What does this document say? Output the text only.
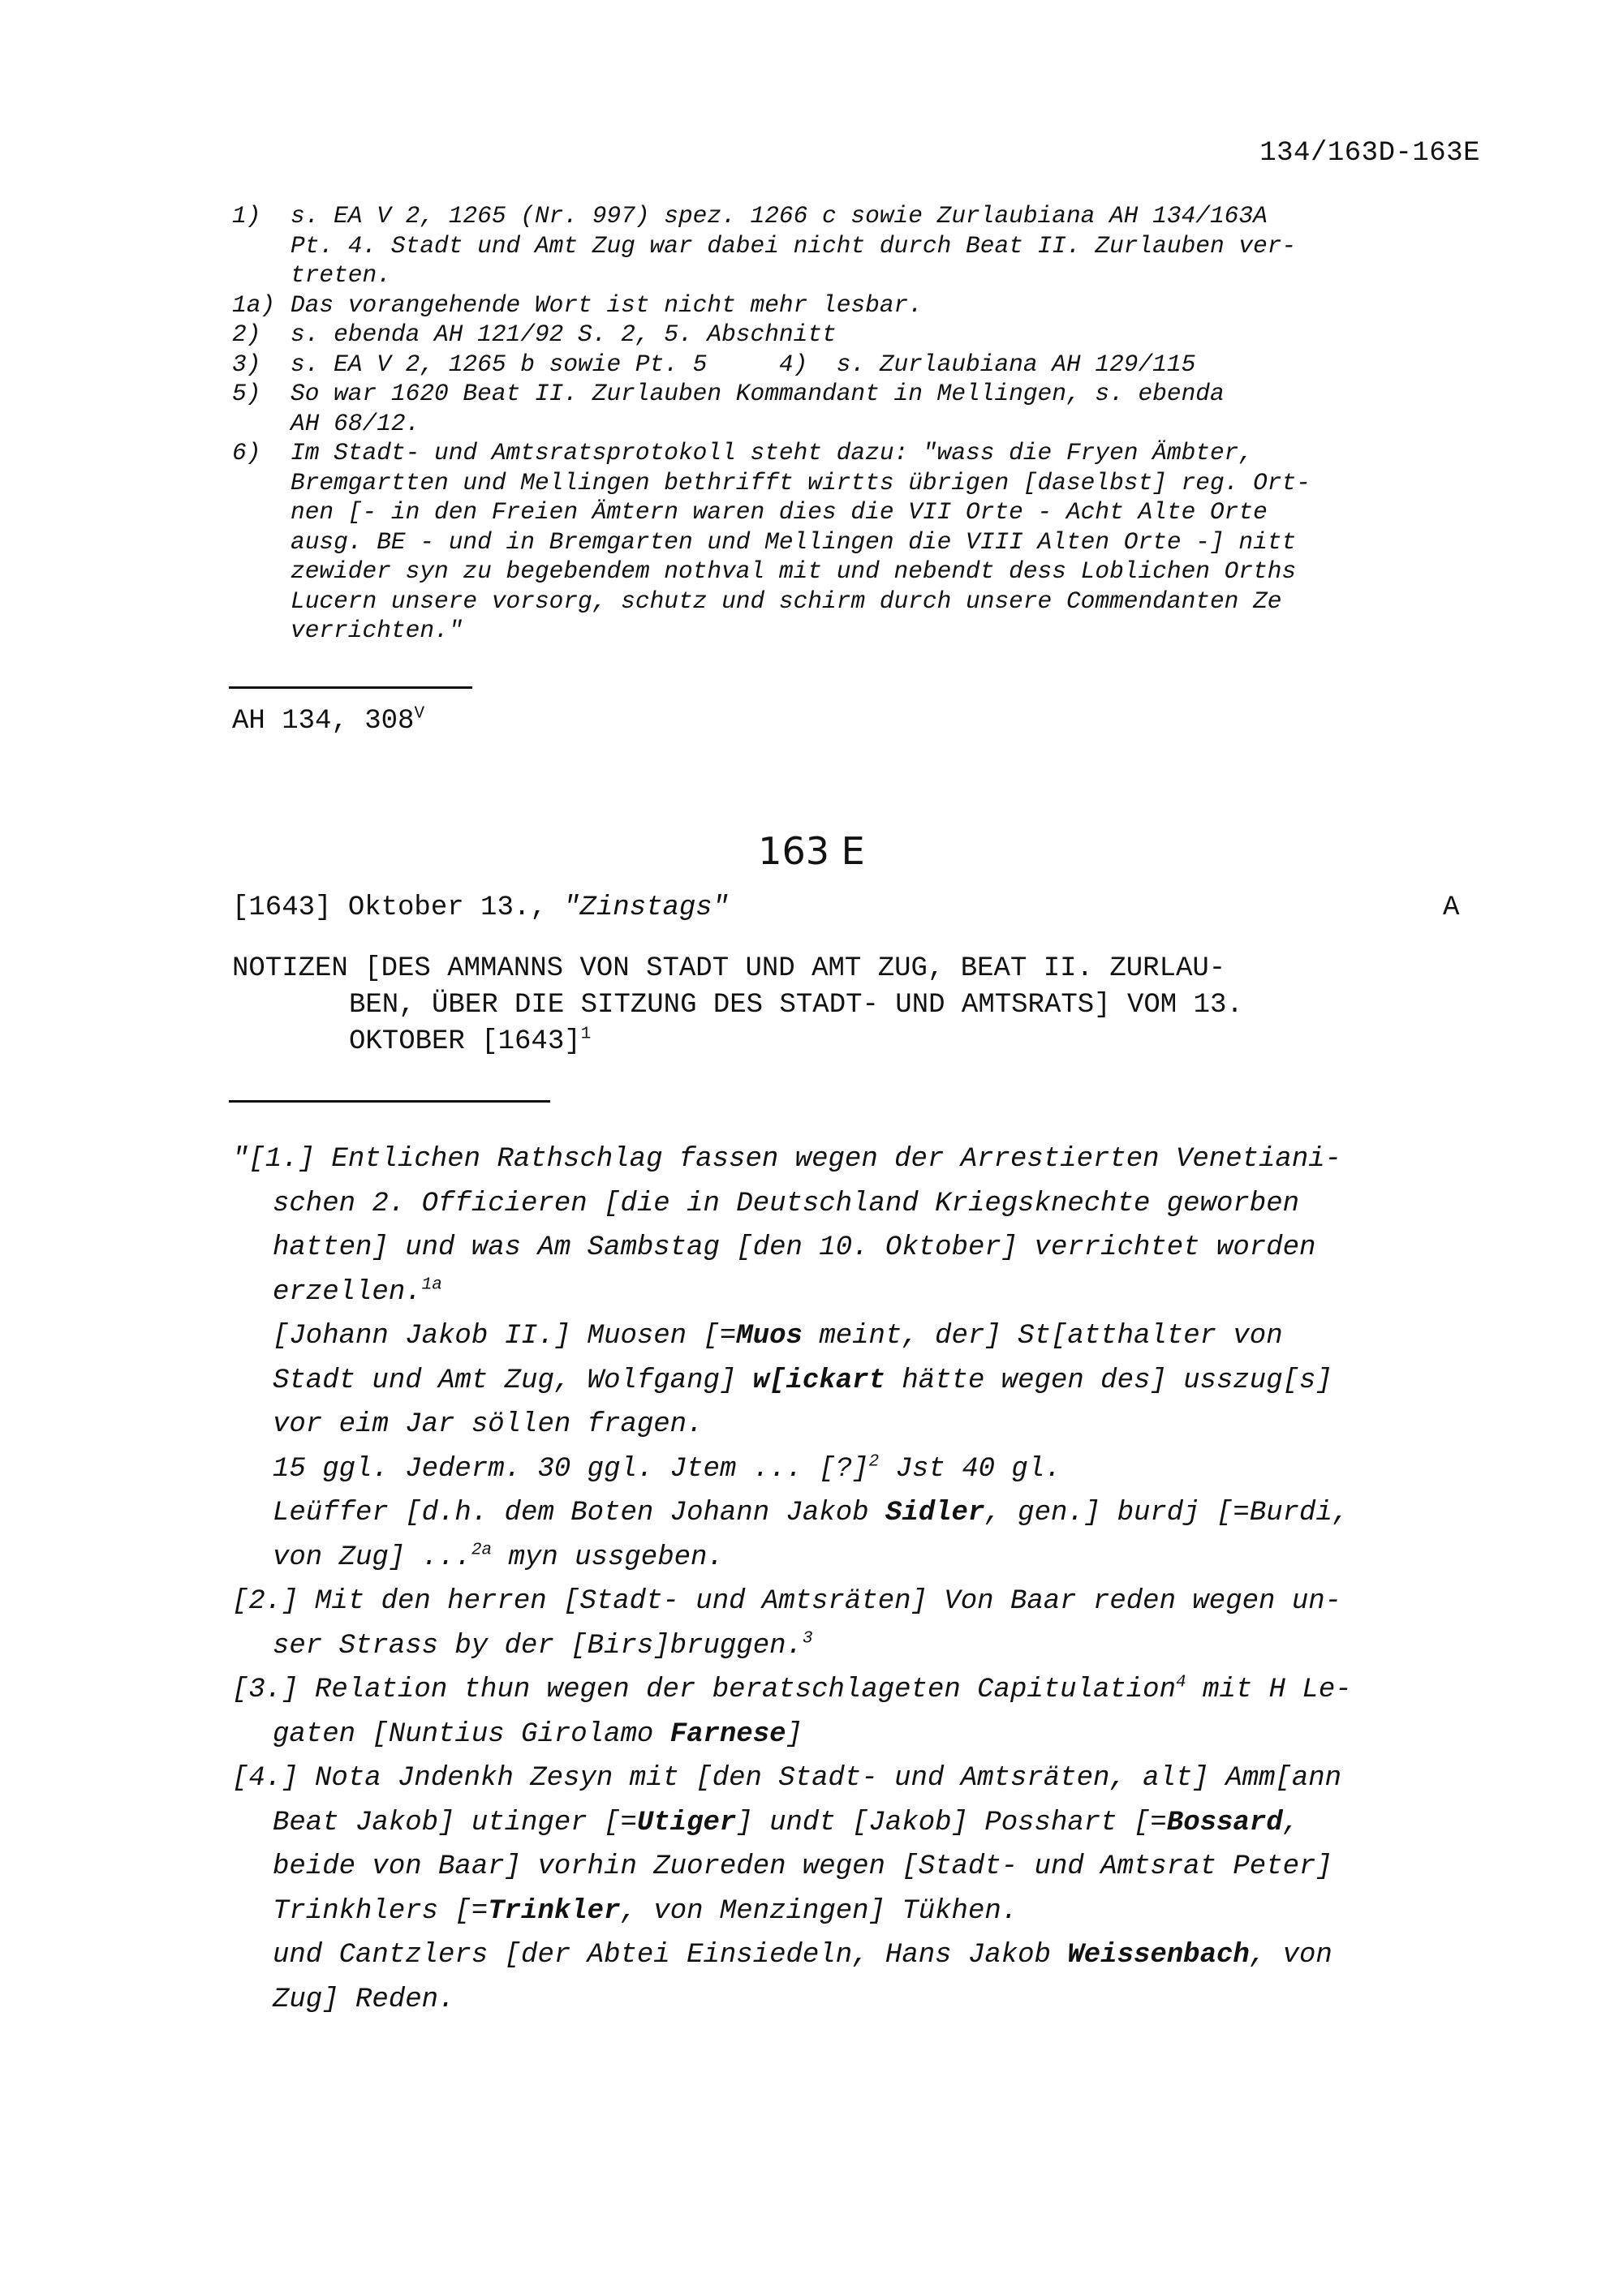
134/163D-163E
1) s. EA V 2, 1265 (Nr. 997) spez. 1266 c sowie Zurlaubiana AH 134/163A
Pt. 4. Stadt und Amt Zug war dabei nicht durch Beat II. Zurlauben ver-
treten.
1a) Das vorangehende Wort ist nicht mehr lesbar.
2) s. ebenda AH 121/92 S. 2, 5. Abschnitt
3) s. EA V 2, 1265 b sowie Pt. 5     4)  s. Zurlaubiana AH 129/115
5) So war 1620 Beat II. Zurlauben Kommandant in Mellingen, s. ebenda
AH 68/12.
6) Im Stadt- und Amtsratsprotokoll steht dazu: "wass die Fryen Ämbter,
Bremgartten und Mellingen bethrifft wirtts übrigen [daselbst] reg. Ort-
nen [- in den Freien Ämtern waren dies die VII Orte - Acht Alte Orte
ausg. BE - und in Bremgarten und Mellingen die VIII Alten Orte -] nitt
zewider syn zu begebendem nothval mit und nebendt dess Loblichen Orths
Lucern unsere vorsorg, schutz und schirm durch unsere Commendanten Ze
verrichten."
AH 134, $308^V$
163 E
[1643] Oktober 13., "Zinstags"	A
NOTIZEN [DES AMMANNS VON STADT UND AMT ZUG, BEAT II. ZURLAU-
BEN, ÜBER DIE SITZUNG DES STADT- UND AMTSRATS] VOM 13.
OKTOBER $[1643]^1$
"[1.] Entlichen Rathschlag fassen wegen der Arrestierten Venetiani-
schen 2. Officieren [die in Deutschland Kriegsknechte geworben
hatten] und was Am Sambstag [den 10. Oktober] verrichtet worden
erzellen.$^{1a}$
[Johann Jakob II.] Muosen [=Muos meint, der] St[atthalter von
Stadt und Amt Zug, Wolfgang] w[ickart hätte wegen des] usszug[s]
vor eim Jar söllen fragen.
15 ggl. Jederm. 30 ggl. Jtem ... [?]$^2$ Jst 40 gl.
Leüffer [d.h. dem Boten Johann Jakob Sidler, gen.] burdj [=Burdi,
von Zug] ...$^{2a}$ myn ussgeben.
[2.] Mit den herren [Stadt- und Amtsräten] Von Baar reden wegen un-
ser Strass by der [Birs]bruggen.$^3$
[3.] Relation thun wegen der beratschlageten Capitulation$^4$ mit H Le-
gaten [Nuntius Girolamo Farnese]
[4.] Nota Jndenkh Zesyn mit [den Stadt- und Amtsräten, alt] Amm[ann
Beat Jakob] utinger [=Utiger] undt [Jakob] Posshart [=Bossard,
beide von Baar] vorhin Zuoreden wegen [Stadt- und Amtsrat Peter]
Trinkhlers [=Trinkler, von Menzingen] Tükhen.
und Cantzlers [der Abtei Einsiedeln, Hans Jakob Weissenbach, von
Zug] Reden.
